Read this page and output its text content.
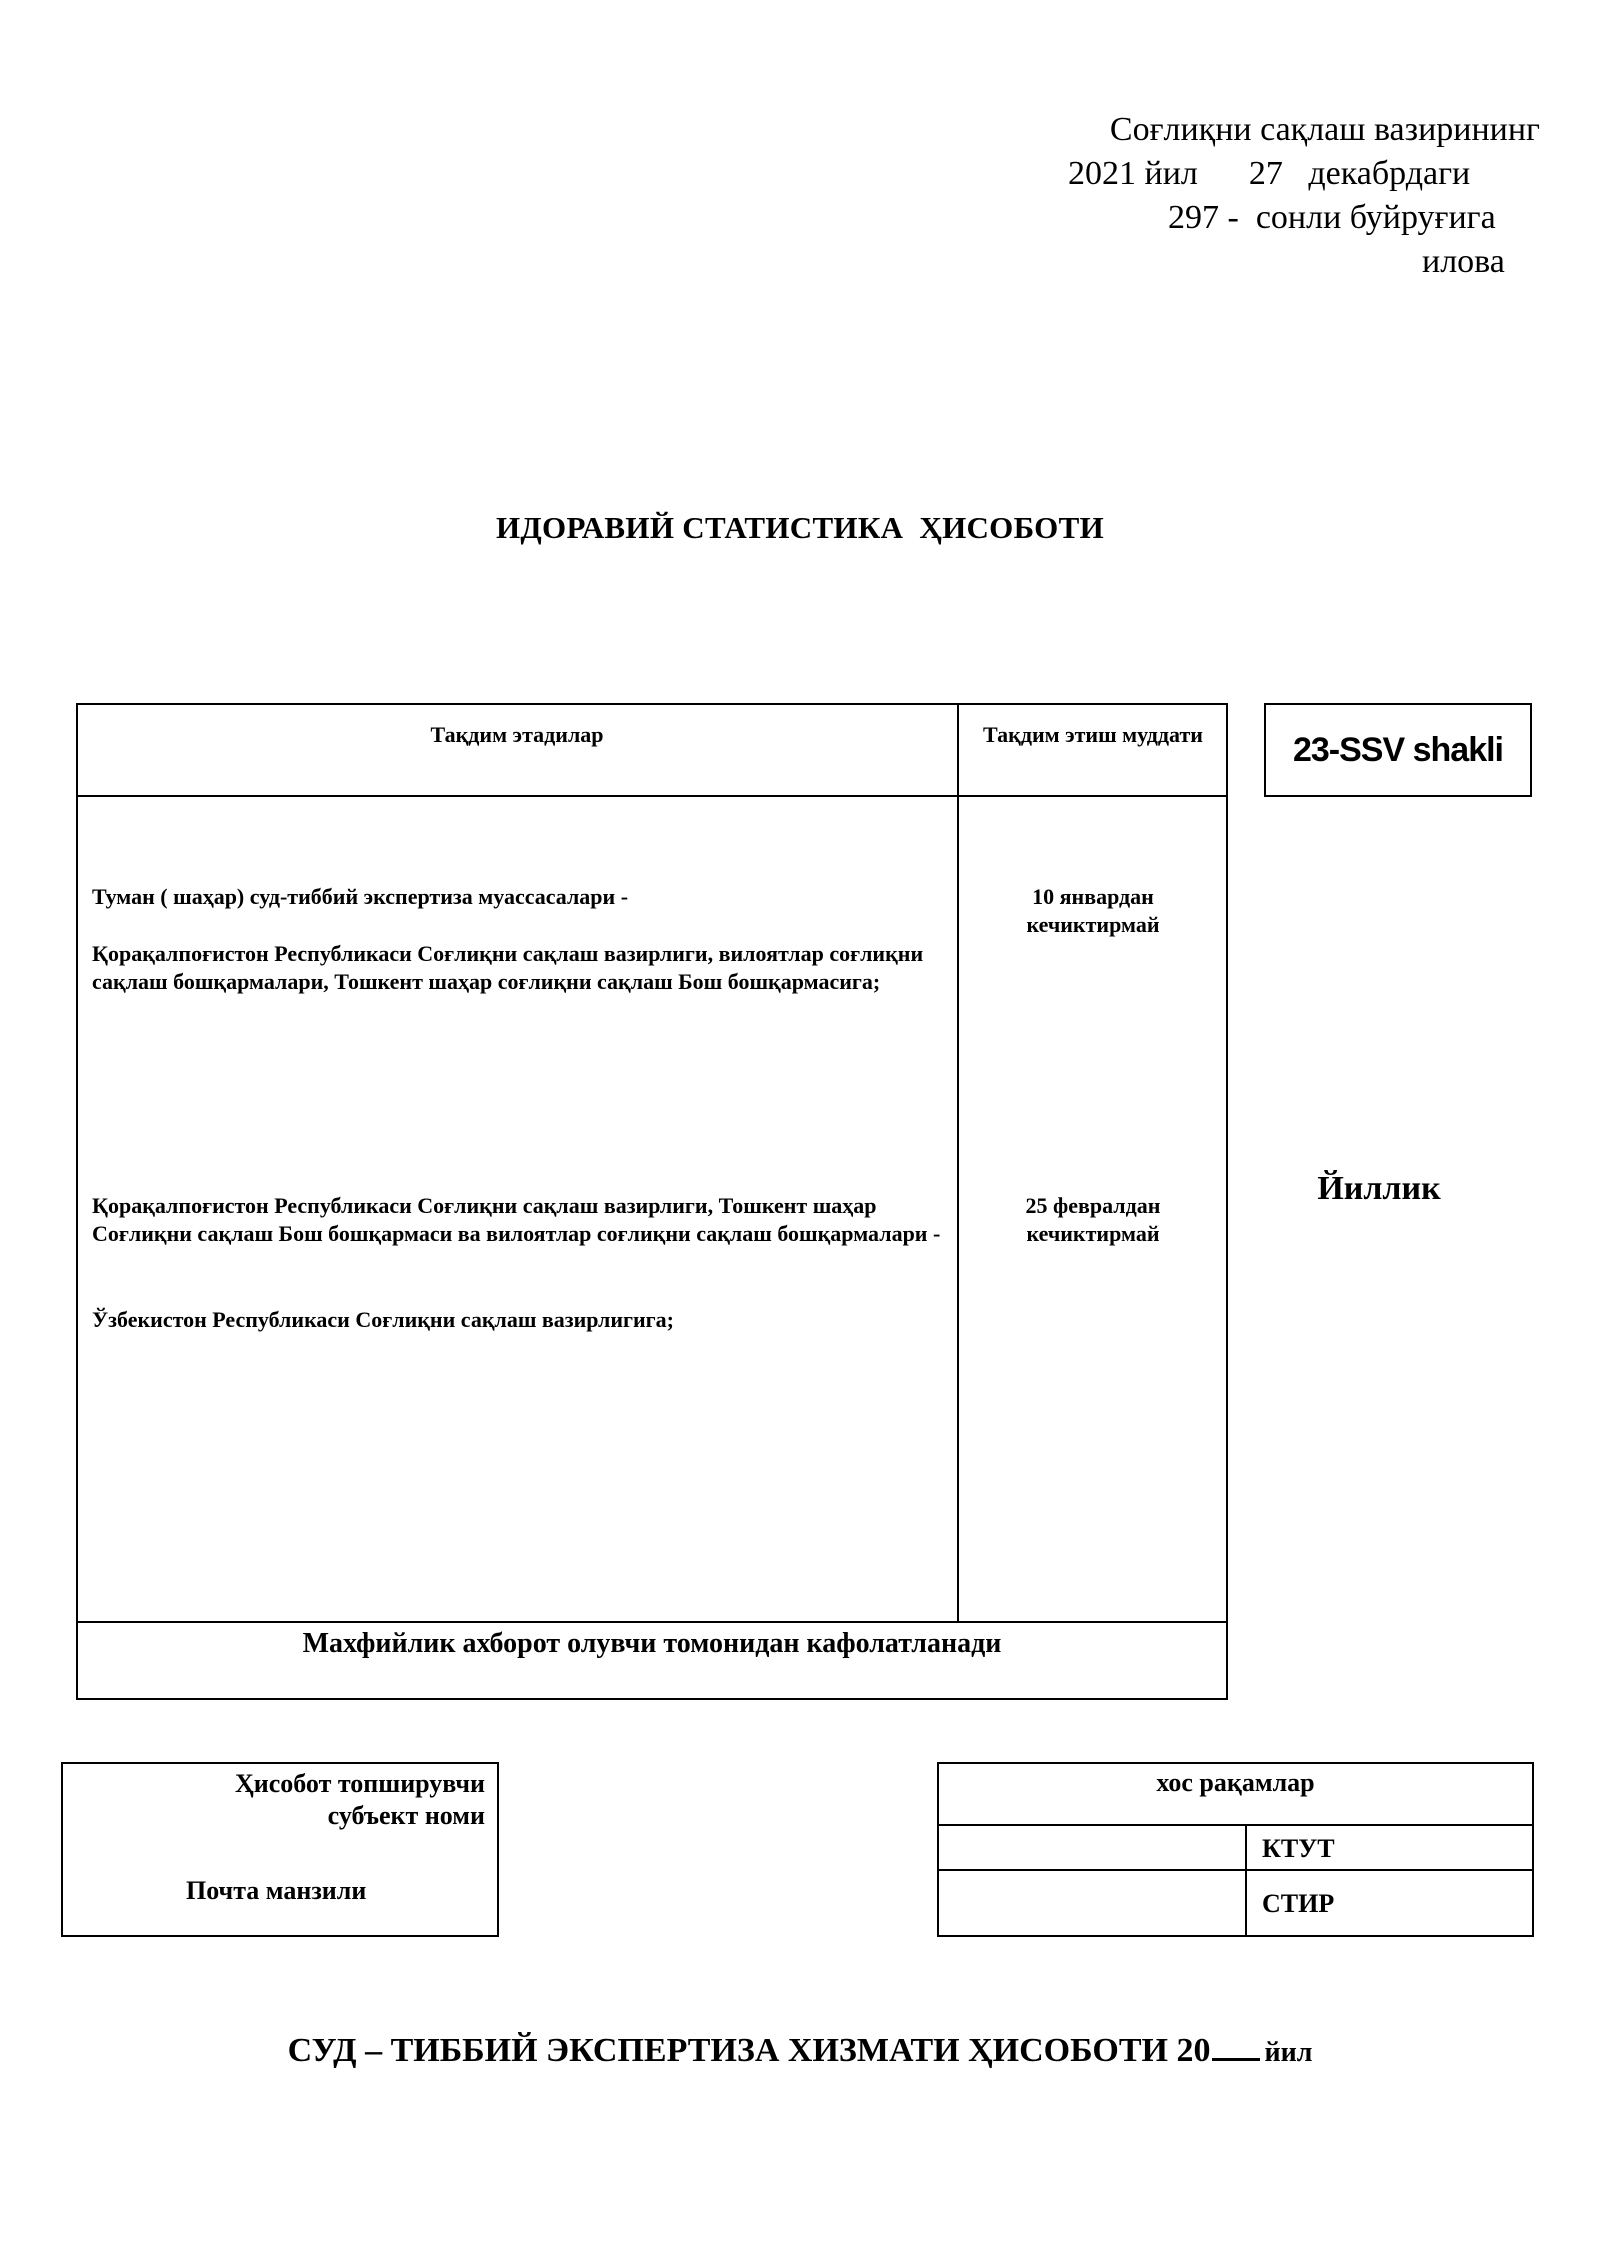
Соғлиқни сақлаш вазирининг
2021 йил      27   декабрдаги
297 -  сонли буйруғига
илова
ИДОРАВИЙ СТАТИСТИКА  ҲИСОБОТИ
Тақдим этадилар	Тақдим этиш муддати
Туман ( шаҳар) суд-тиббий экспертиза муассасалари -
Қорақалпоғистон Республикаси Соғлиқни сақлаш вазирлиги, вилоятлар соғлиқни сақлаш бошқармалари, Тошкент шаҳар соғлиқни сақлаш Бош бошқармасига;
10 январдан
кечиктирмай
Қорақалпоғистон Республикаси Соғлиқни сақлаш вазирлиги, Тошкент шаҳар Соғлиқни сақлаш Бош бошқармаси ва вилоятлар соғлиқни сақлаш бошқармалари -
Ўзбекистон Республикаси Соғлиқни сақлаш вазирлигига;
25 февралдан
кечиктирмай
Махфийлик ахборот олувчи томонидан кафолатланади
23- SSV shakli
Йиллик
Ҳисобот топширувчи
субъект номи
Почта манзили
хос рақамлар
КТУТ
СТИР
СУД – ТИББИЙ ЭКСПЕРТИЗА ХИЗМАТИ ҲИСОБОТИ 20 йил
